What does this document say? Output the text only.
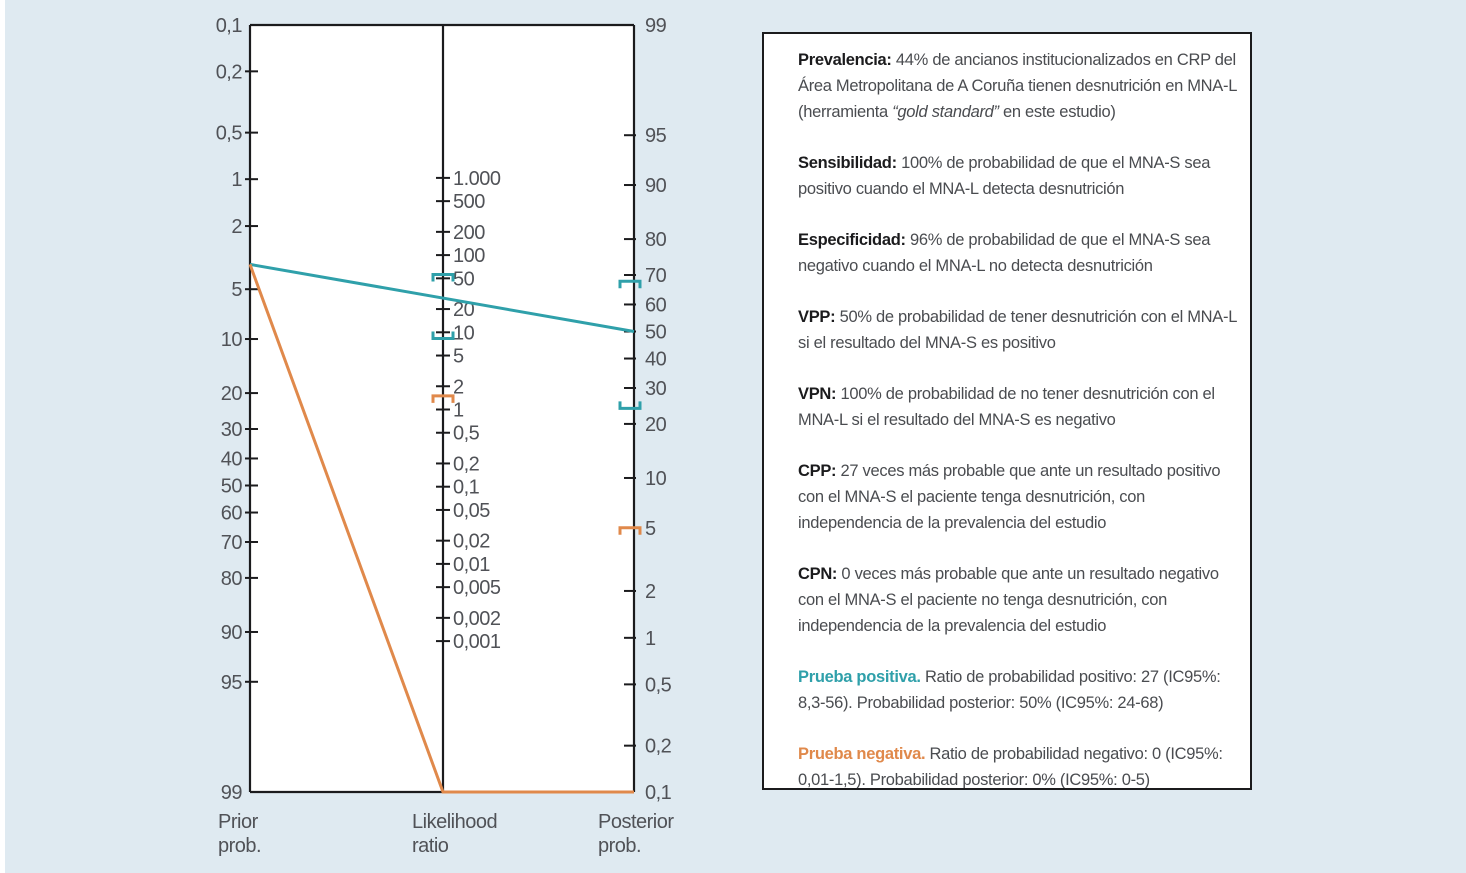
0,1
0,2
0,5
1
2
5
10
20
30
40
50
60
70
80
90
95
99
1.000
500
200
100
50
20
10
5
2
1
0,5
0,2
0,1
0,05
0,02
0,01
0,005
0,002
0,001
99
95
90
80
70
60
50
40
30
20
10
5
2
1
0,5
0,2
0,1
Prior prob.
Likelihood ratio
Posterior prob.

Prevalencia: 44% de ancianos institucionalizados en CRP del Área Metropolitana de A Coruña tienen desnutrición en MNA-L (herramienta “gold standard” en este estudio)

Sensibilidad: 100% de probabilidad de que el MNA-S sea positivo cuando el MNA-L detecta desnutrición

Especificidad: 96% de probabilidad de que el MNA-S sea negativo cuando el MNA-L no detecta desnutrición

VPP: 50% de probabilidad de tener desnutrición con el MNA-L si el resultado del MNA-S es positivo

VPN: 100% de probabilidad de no tener desnutrición con el MNA-L si el resultado del MNA-S es negativo

CPP: 27 veces más probable que ante un resultado positivo con el MNA-S el paciente tenga desnutrición, con independencia de la prevalencia del estudio

CPN: 0 veces más probable que ante un resultado negativo con el MNA-S el paciente no tenga desnutrición, con independencia de la prevalencia del estudio

Prueba positiva. Ratio de probabilidad positivo: 27 (IC95%: 8,3-56). Probabilidad posterior: 50% (IC95%: 24-68)

Prueba negativa. Ratio de probabilidad negativo: 0 (IC95%: 0,01-1,5). Probabilidad posterior: 0% (IC95%: 0-5)
